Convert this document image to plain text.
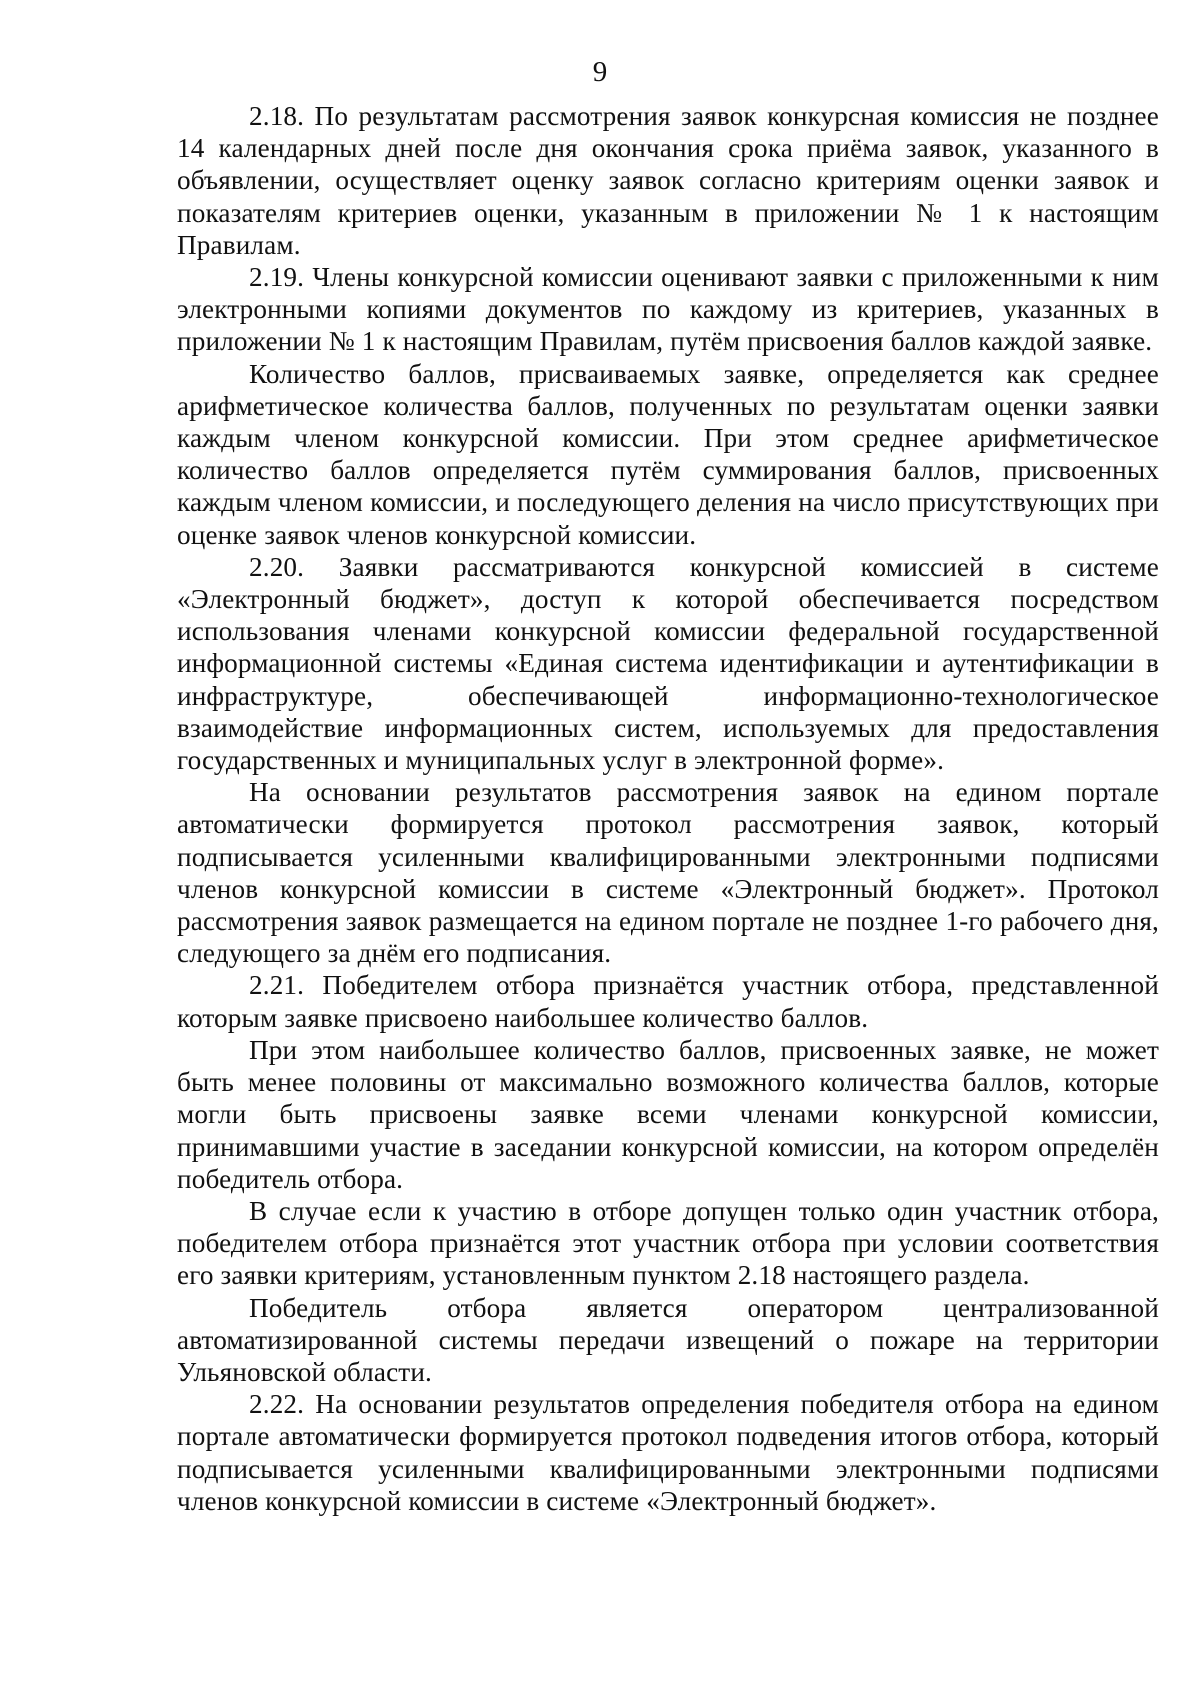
9

2.18. По результатам рассмотрения заявок конкурсная комиссия не позднее 14 календарных дней после дня окончания срока приёма заявок, указанного в объявлении, осуществляет оценку заявок согласно критериям оценки заявок и показателям критериев оценки, указанным в приложении № 1 к настоящим Правилам.

2.19. Члены конкурсной комиссии оценивают заявки с приложенными к ним электронными копиями документов по каждому из критериев, указанных в приложении № 1 к настоящим Правилам, путём присвоения баллов каждой заявке.

Количество баллов, присваиваемых заявке, определяется как среднее арифметическое количества баллов, полученных по результатам оценки заявки каждым членом конкурсной комиссии. При этом среднее арифметическое количество баллов определяется путём суммирования баллов, присвоенных каждым членом комиссии, и последующего деления на число присутствующих при оценке заявок членов конкурсной комиссии.

2.20. Заявки рассматриваются конкурсной комиссией в системе «Электронный бюджет», доступ к которой обеспечивается посредством использования членами конкурсной комиссии федеральной государственной информационной системы «Единая система идентификации и аутентификации в инфраструктуре, обеспечивающей информационно-технологическое взаимодействие информационных систем, используемых для предоставления государственных и муниципальных услуг в электронной форме».

На основании результатов рассмотрения заявок на едином портале автоматически формируется протокол рассмотрения заявок, который подписывается усиленными квалифицированными электронными подписями членов конкурсной комиссии в системе «Электронный бюджет». Протокол рассмотрения заявок размещается на едином портале не позднее 1-го рабочего дня, следующего за днём его подписания.

2.21. Победителем отбора признаётся участник отбора, представленной которым заявке присвоено наибольшее количество баллов.

При этом наибольшее количество баллов, присвоенных заявке, не может быть менее половины от максимально возможного количества баллов, которые могли быть присвоены заявке всеми членами конкурсной комиссии, принимавшими участие в заседании конкурсной комиссии, на котором определён победитель отбора.

В случае если к участию в отборе допущен только один участник отбора, победителем отбора признаётся этот участник отбора при условии соответствия его заявки критериям, установленным пунктом 2.18 настоящего раздела.

Победитель отбора является оператором централизованной автоматизированной системы передачи извещений о пожаре на территории Ульяновской области.

2.22. На основании результатов определения победителя отбора на едином портале автоматически формируется протокол подведения итогов отбора, который подписывается усиленными квалифицированными электронными подписями членов конкурсной комиссии в системе «Электронный бюджет».
